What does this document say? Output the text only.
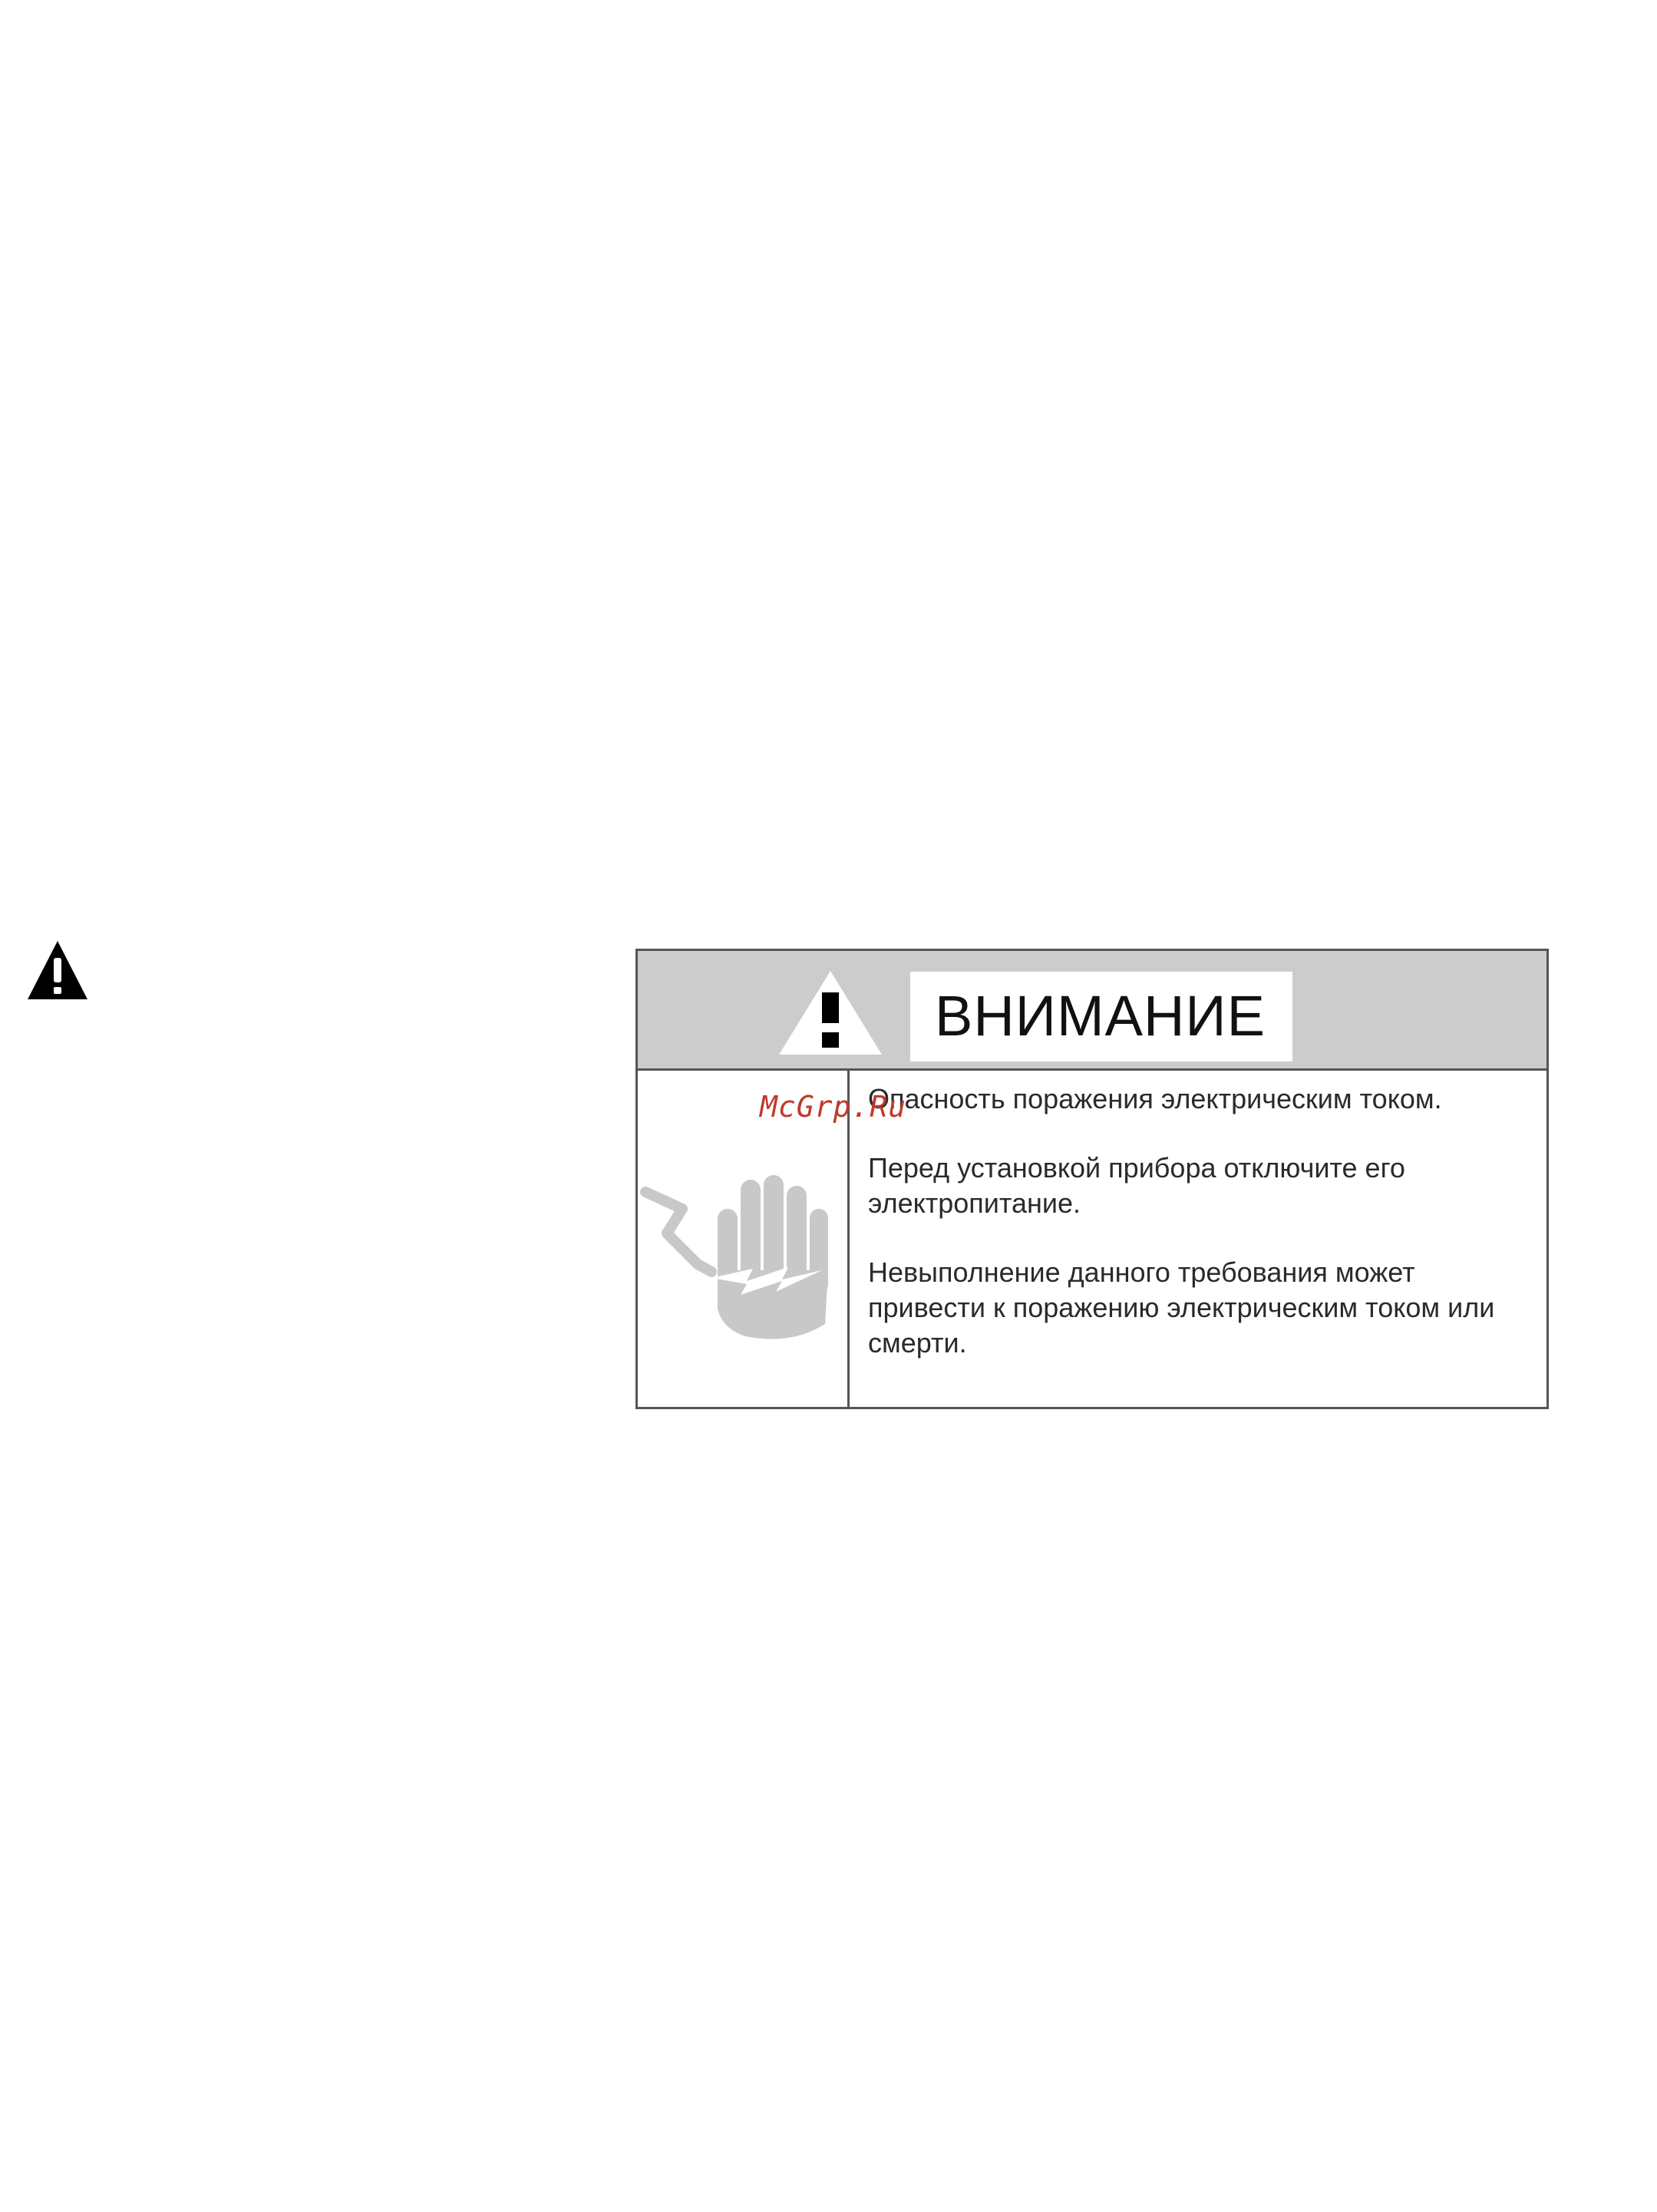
ВНИМАНИЕ

Опасность поражения электрическим током.

Перед установкой прибора отключите его электропитание.

Невыполнение данного требования может привести к поражению электрическим током или смерти.

McGrp.Ru
